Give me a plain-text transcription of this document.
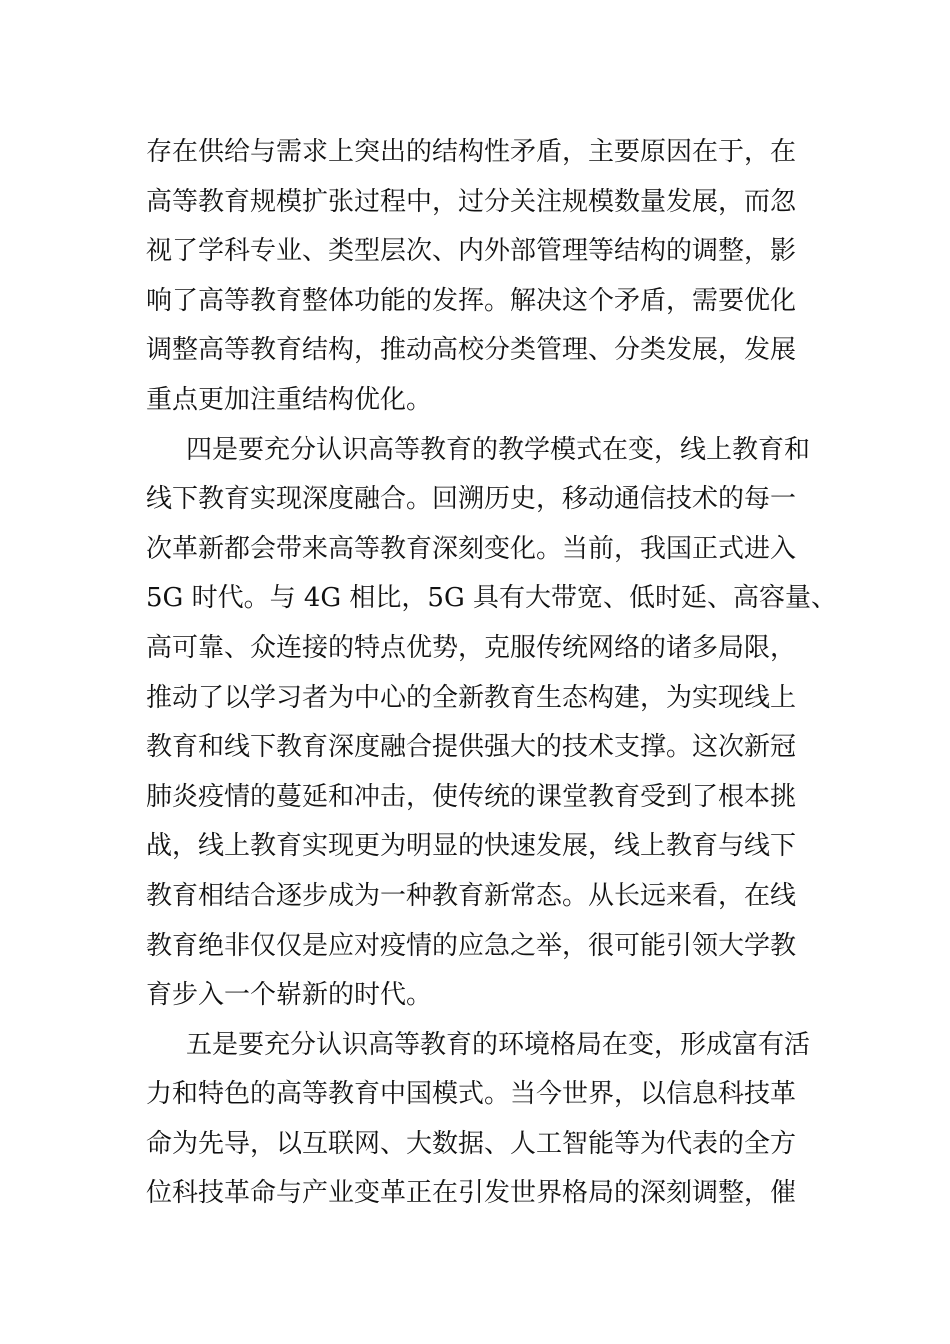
存在供给与需求上突出的结构性矛盾，主要原因在于，在
高等教育规模扩张过程中，过分关注规模数量发展，而忽
视了学科专业、类型层次、内外部管理等结构的调整，影
响了高等教育整体功能的发挥。解决这个矛盾，需要优化
调整高等教育结构，推动高校分类管理、分类发展，发展
重点更加注重结构优化。
四是要充分认识高等教育的教学模式在变，线上教育和
线下教育实现深度融合。回溯历史，移动通信技术的每一
次革新都会带来高等教育深刻变化。当前，我国正式进入
5G 时代。与 4G 相比，5G 具有大带宽、低时延、高容量、
高可靠、众连接的特点优势，克服传统网络的诸多局限，
推动了以学习者为中心的全新教育生态构建，为实现线上
教育和线下教育深度融合提供强大的技术支撑。这次新冠
肺炎疫情的蔓延和冲击，使传统的课堂教育受到了根本挑
战，线上教育实现更为明显的快速发展，线上教育与线下
教育相结合逐步成为一种教育新常态。从长远来看，在线
教育绝非仅仅是应对疫情的应急之举，很可能引领大学教
育步入一个崭新的时代。
五是要充分认识高等教育的环境格局在变，形成富有活
力和特色的高等教育中国模式。当今世界，以信息科技革
命为先导，以互联网、大数据、人工智能等为代表的全方
位科技革命与产业变革正在引发世界格局的深刻调整，催
